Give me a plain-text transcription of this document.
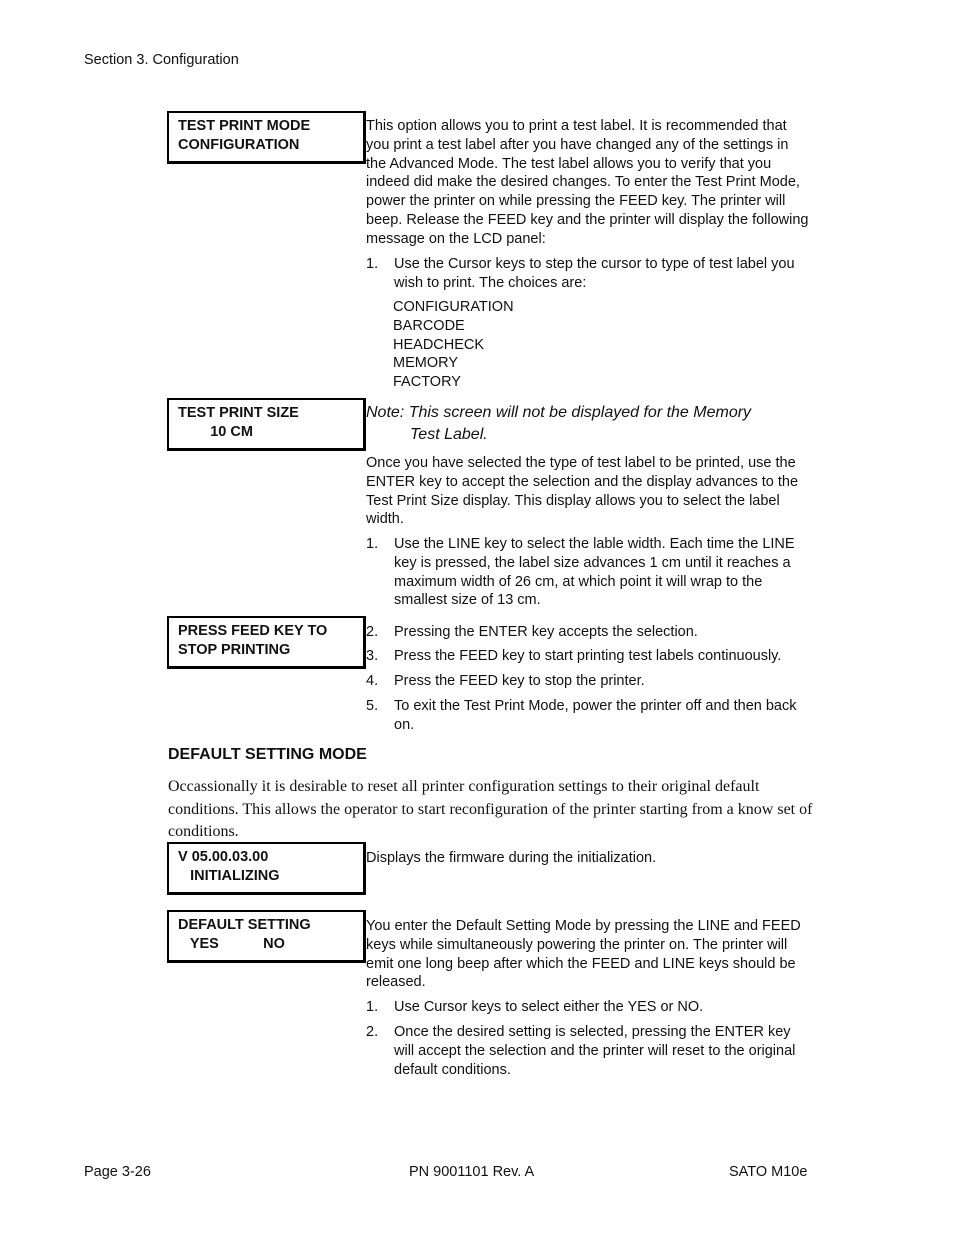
Section 3. Configuration
TEST PRINT MODE
CONFIGURATION
This option allows you to print a test label. It is recommended that you print a test label after you have changed any of the settings in the Advanced Mode. The test label allows you to verify that you indeed did make the desired changes. To enter the Test Print Mode, power the printer on while pressing the FEED key. The printer will beep. Release the FEED key and the printer will display the following message on the LCD panel:
1. Use the Cursor keys to step the cursor to type of test label you wish to print. The choices are:
CONFIGURATION
BARCODE
HEADCHECK
MEMORY
FACTORY
TEST PRINT SIZE
10 CM
Note: This screen will not be displayed for the Memory
Test Label.
Once you have selected the type of test label to be printed, use the ENTER key to accept the selection and the display advances to the Test Print Size display. This display allows you to select the label width.
1. Use the LINE key to select the lable width. Each time the LINE key is pressed, the label size advances 1 cm until it reaches a maximum width of 26 cm, at which point it will wrap to the smallest size of 13 cm.
PRESS FEED KEY TO
STOP PRINTING
2. Pressing the ENTER key accepts the selection.
3. Press the FEED key to start printing test labels continuously.
4. Press the FEED key to stop the printer.
5. To exit the Test Print Mode, power the printer off and then back on.
DEFAULT SETTING MODE
Occassionally it is desirable to reset all printer configuration settings to their original default conditions. This allows the operator to start reconfiguration of the printer starting from a know set of conditions.
V 05.00.03.00
INITIALIZING
Displays the firmware during the initialization.
DEFAULT SETTING
YES           NO
You enter the Default Setting Mode by pressing the LINE and FEED keys while simultaneously powering the printer on. The printer will emit one long beep after which the FEED and LINE keys should be released.
1. Use Cursor keys to select either the YES or NO.
2. Once the desired setting is selected, pressing the ENTER key will accept the selection and the printer will reset to the original default conditions.
Page 3-26	PN 9001101 Rev. A	SATO M10e
